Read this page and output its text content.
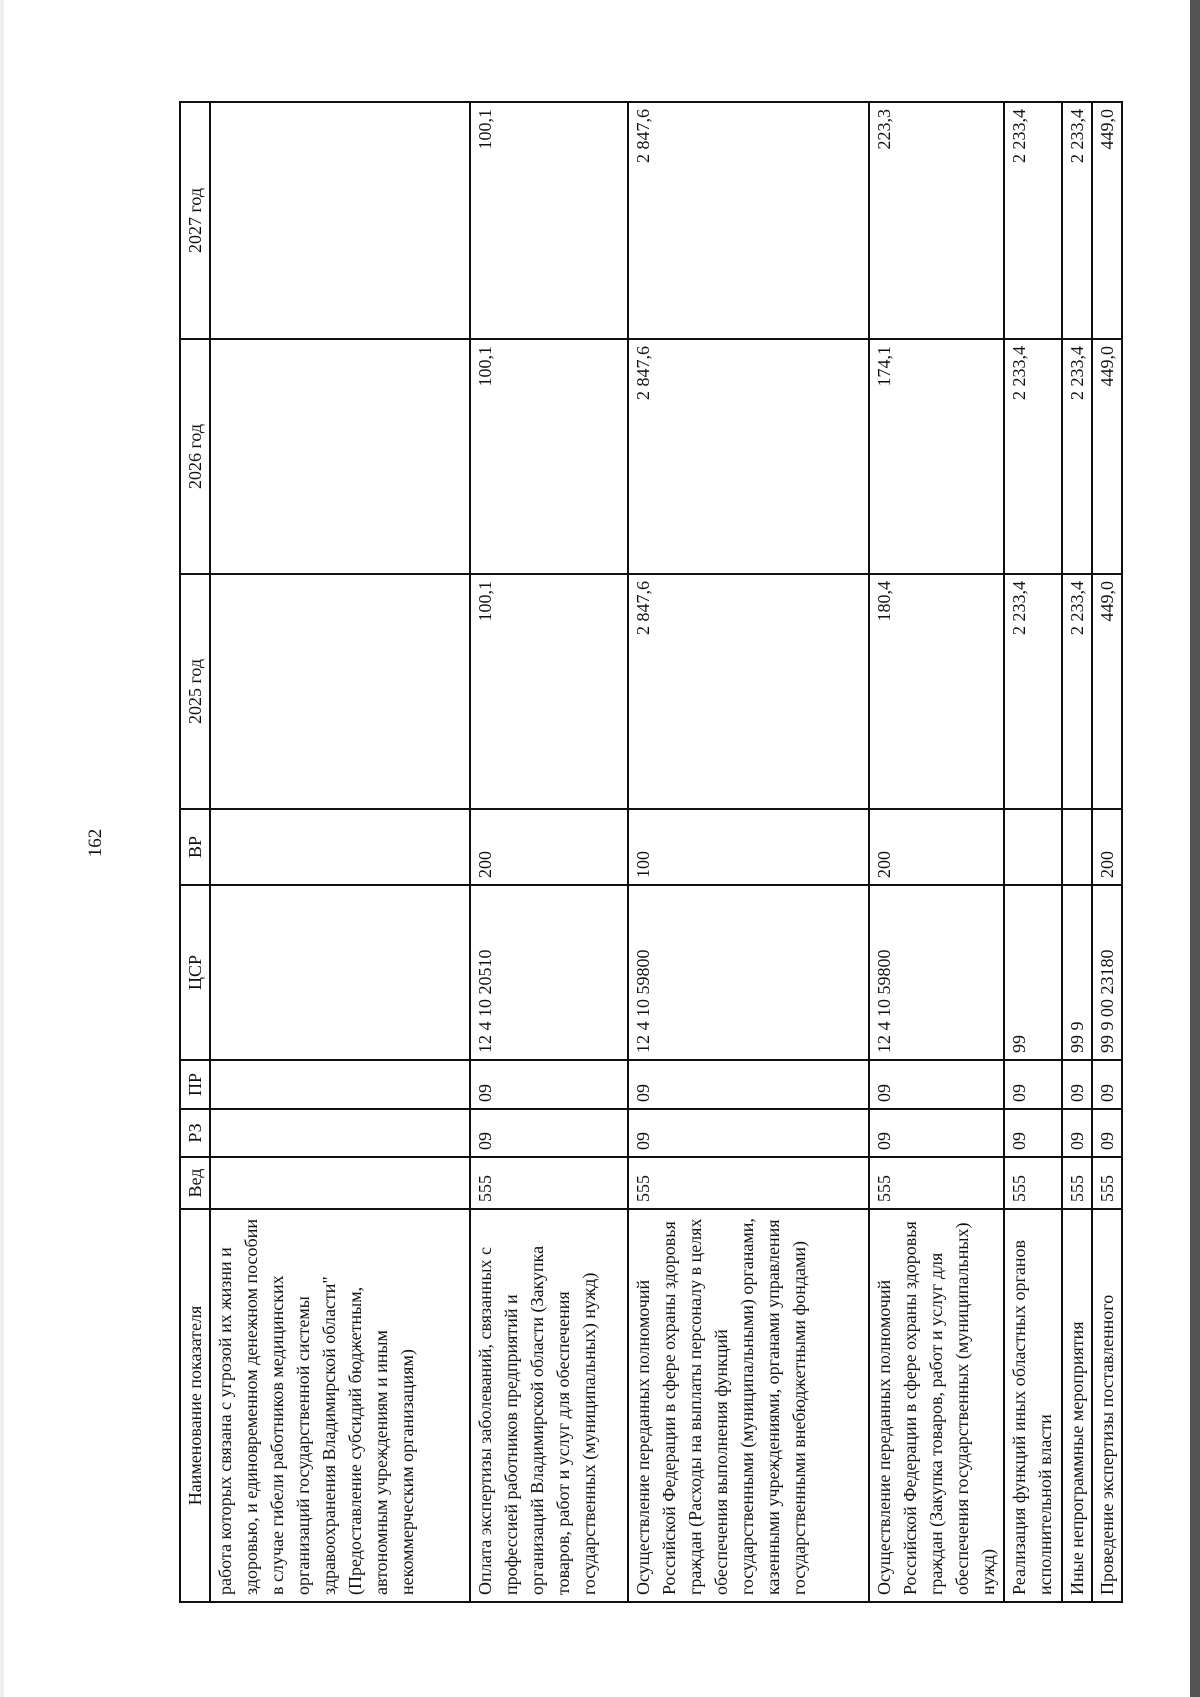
162
Наименование показателя	Вед	РЗ	ПР	ЦСР	ВР	2025 год	2026 год	2027 год
работа которых связана с угрозой их жизни и здоровью, и единовременном денежном пособии в случае гибели работников медицинских организаций государственной системы здравоохранения Владимирской области" (Предоставление субсидий бюджетным, автономным учреждениям и иным некоммерческим организациям)								
Оплата экспертизы заболеваний, связанных с профессией работников предприятий и организаций Владимирской области (Закупка товаров, работ и услуг для обеспечения государственных (муниципальных) нужд)	555	09	09	12 4 10 20510	200	100,1	100,1	100,1
Осуществление переданных полномочий Российской Федерации в сфере охраны здоровья граждан (Расходы на выплаты персоналу в целях обеспечения выполнения функций государственными (муниципальными) органами, казенными учреждениями, органами управления государственными внебюджетными фондами)	555	09	09	12 4 10 59800	100	2 847,6	2 847,6	2 847,6
Осуществление переданных полномочий Российской Федерации в сфере охраны здоровья граждан (Закупка товаров, работ и услуг для обеспечения государственных (муниципальных) нужд)	555	09	09	12 4 10 59800	200	180,4	174,1	223,3
Реализация функций иных областных органов исполнительной власти	555	09	09	99		2 233,4	2 233,4	2 233,4
Иные непрограммные мероприятия	555	09	09	99 9		2 233,4	2 233,4	2 233,4
Проведение экспертизы поставленного	555	09	09	99 9 00 23180	200	449,0	449,0	449,0
